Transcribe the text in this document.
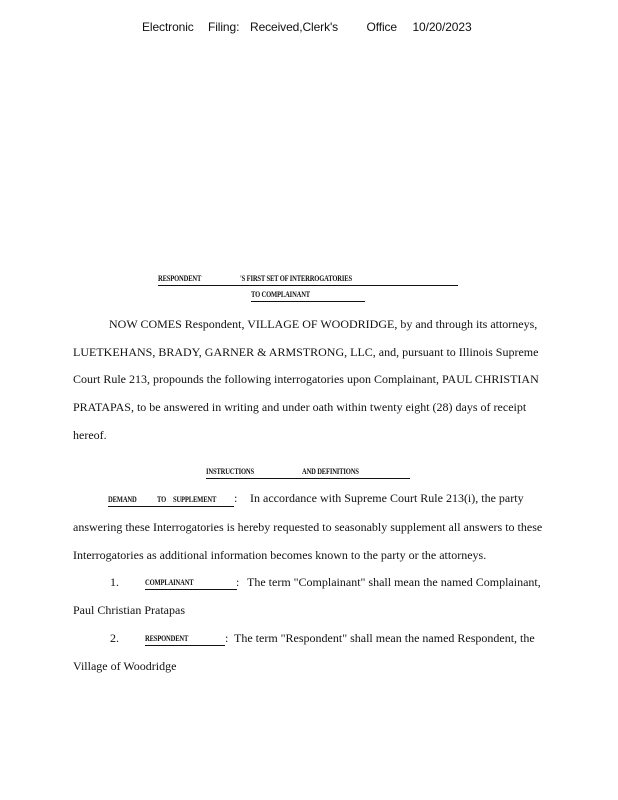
Electronic Filing: Received,Clerk's Office 10/20/2023
RESPONDENT	'S FIRST SET OF INTERROGATORIES
TO COMPLAINANT
NOW COMES Respondent, VILLAGE OF WOODRIDGE, by and through its attorneys,
LUETKEHANS, BRADY, GARNER & ARMSTRONG, LLC, and, pursuant to Illinois Supreme
Court Rule 213, propounds the following interrogatories upon Complainant, PAUL CHRISTIAN
PRATAPAS, to be answered in writing and under oath within twenty eight (28) days of receipt
hereof.
INSTRUCTIONS	AND DEFINITIONS
DEMAND	TO SUPPLEMENT : In accordance with Supreme Court Rule 213(i), the party
answering these Interrogatories is hereby requested to seasonably supplement all answers to these
Interrogatories as additional information becomes known to the party or the attorneys.
1.	COMPLAINANT	: The term "Complainant" shall mean the named Complainant,
Paul Christian Pratapas
2.	RESPONDENT	: The term "Respondent" shall mean the named Respondent, the
Village of Woodridge
